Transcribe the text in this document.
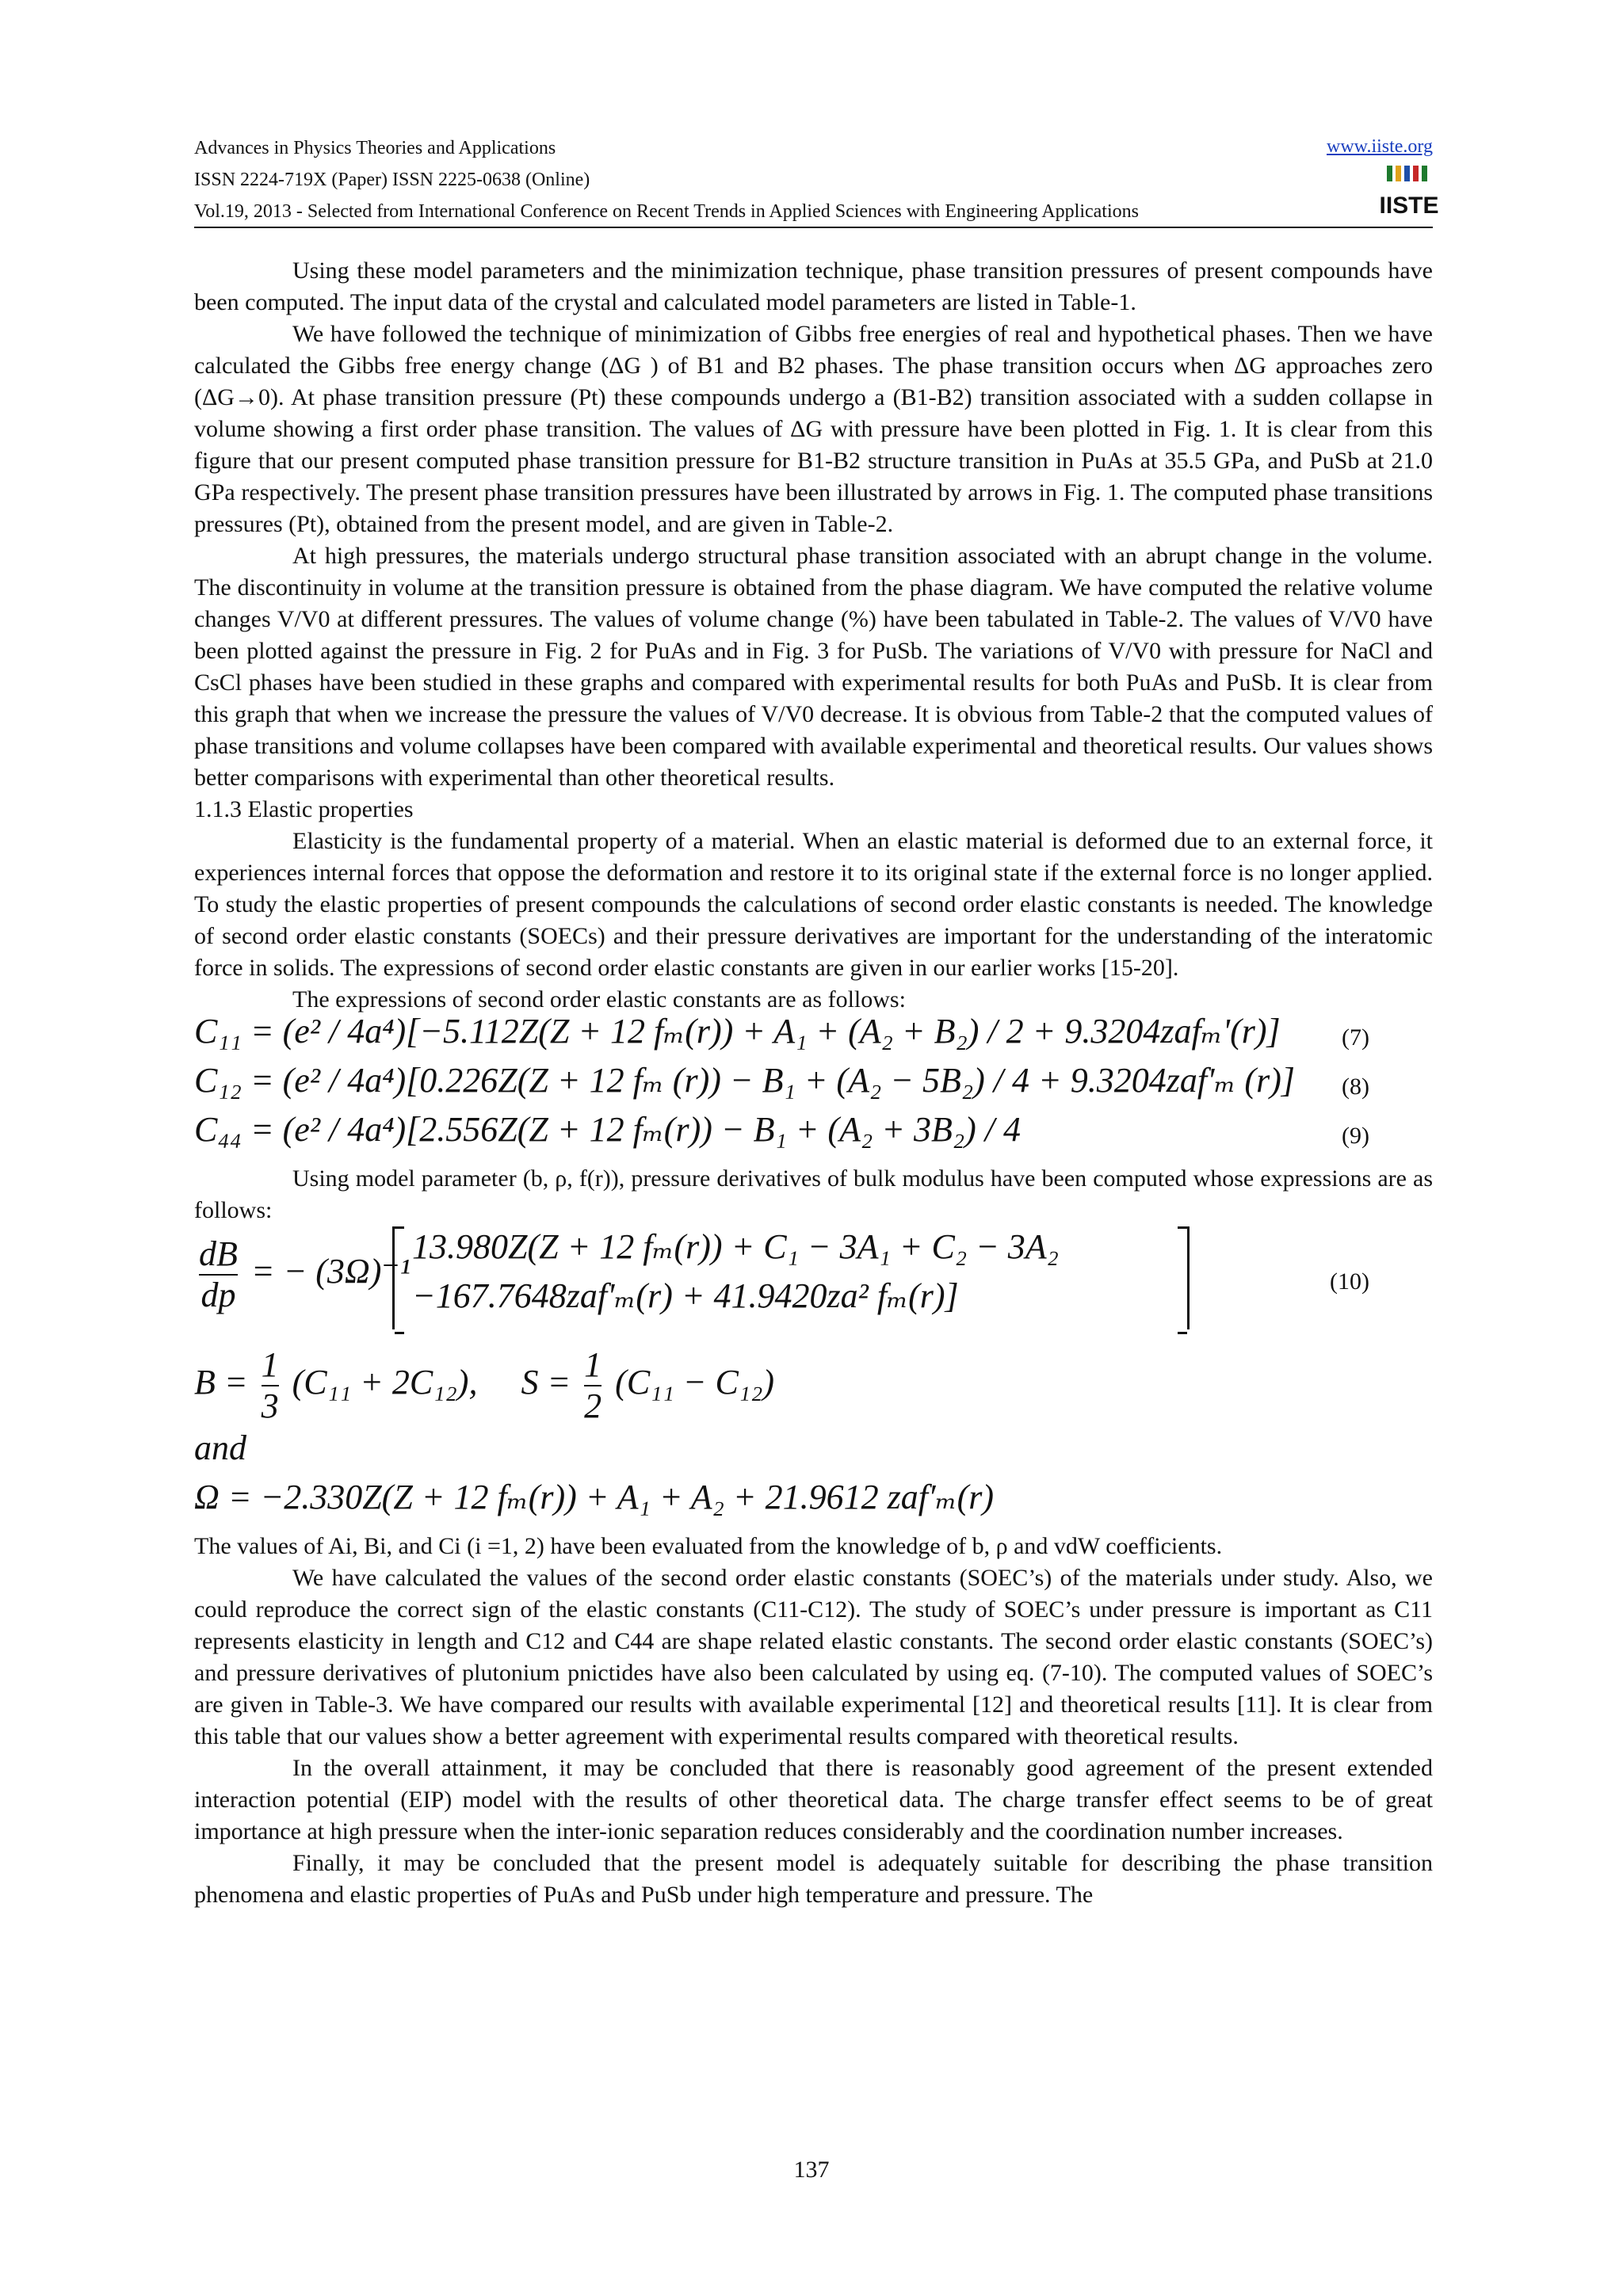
Advances in Physics Theories and Applications
ISSN 2224-719X (Paper) ISSN 2225-0638 (Online)
Vol.19, 2013 - Selected from International Conference on Recent Trends in Applied Sciences with Engineering Applications
www.iiste.org
IISTE

Using these model parameters and the minimization technique, phase transition pressures of present compounds have been computed. The input data of the crystal and calculated model parameters are listed in Table-1.

We have followed the technique of minimization of Gibbs free energies of real and hypothetical phases. Then we have calculated the Gibbs free energy change (ΔG ) of B1 and B2 phases. The phase transition occurs when ΔG approaches zero (ΔG→0). At phase transition pressure (Pt) these compounds undergo a (B1-B2) transition associated with a sudden collapse in volume showing a first order phase transition. The values of ΔG with pressure have been plotted in Fig. 1. It is clear from this figure that our present computed phase transition pressure for B1-B2 structure transition in PuAs at 35.5 GPa, and PuSb at 21.0 GPa respectively. The present phase transition pressures have been illustrated by arrows in Fig. 1. The computed phase transitions pressures (Pt), obtained from the present model, and are given in Table-2.

At high pressures, the materials undergo structural phase transition associated with an abrupt change in the volume. The discontinuity in volume at the transition pressure is obtained from the phase diagram. We have computed the relative volume changes V/V0 at different pressures. The values of volume change (%) have been tabulated in Table-2. The values of V/V0 have been plotted against the pressure in Fig. 2 for PuAs and in Fig. 3 for PuSb. The variations of V/V0 with pressure for NaCl and CsCl phases have been studied in these graphs and compared with experimental results for both PuAs and PuSb. It is clear from this graph that when we increase the pressure the values of V/V0 decrease. It is obvious from Table-2 that the computed values of phase transitions and volume collapses have been compared with available experimental and theoretical results. Our values shows better comparisons with experimental than other theoretical results.

1.1.3 Elastic properties

Elasticity is the fundamental property of a material. When an elastic material is deformed due to an external force, it experiences internal forces that oppose the deformation and restore it to its original state if the external force is no longer applied. To study the elastic properties of present compounds the calculations of second order elastic constants is needed. The knowledge of second order elastic constants (SOECs) and their pressure derivatives are important for the understanding of the interatomic force in solids. The expressions of second order elastic constants are given in our earlier works [15-20].

The expressions of second order elastic constants are as follows:

C₁₁ = (e² / 4a⁴)[−5.112Z(Z + 12 fₘ(r)) + A₁ + (A₂ + B₂) / 2 + 9.3204zafₘ'(r)]	(7)
C₁₂ = (e² / 4a⁴)[0.226Z(Z + 12 fₘ (r)) − B₁ + (A₂ − 5B₂) / 4 + 9.3204zaf'ₘ (r)] (8)
C₄₄ = (e² / 4a⁴)[2.556Z(Z + 12 fₘ(r)) − B₁ + (A₂ + 3B₂) / 4	(9)

Using model parameter (b, ρ, f(r)), pressure derivatives of bulk modulus have been computed whose expressions are as follows:

$\frac{dB}{dp}$ = − (3Ω)⁻¹
13.980Z(Z + 12 fₘ(r)) + C₁ − 3A₁ + C₂ − 3A₂
−167.7648zaf'ₘ(r) + 41.9420za² fₘ(r)]	(10)
$B = \frac{1}{3} (C_{11} + 2C_{12})$, $S = \frac{1}{2} (C_{11} - C_{12})$
and
Ω = −2.330Z(Z + 12 fₘ(r)) + A₁ + A₂ + 21.9612 zaf′ₘ(r)

The values of Ai, Bi, and Ci (i =1, 2) have been evaluated from the knowledge of b, ρ and vdW coefficients.

We have calculated the values of the second order elastic constants (SOEC’s) of the materials under study. Also, we could reproduce the correct sign of the elastic constants (C11-C12). The study of SOEC’s under pressure is important as C11 represents elasticity in length and C12 and C44 are shape related elastic constants. The second order elastic constants (SOEC’s) and pressure derivatives of plutonium pnictides have also been calculated by using eq. (7-10). The computed values of SOEC’s are given in Table-3. We have compared our results with available experimental [12] and theoretical results [11]. It is clear from this table that our values show a better agreement with experimental results compared with theoretical results.

In the overall attainment, it may be concluded that there is reasonably good agreement of the present extended interaction potential (EIP) model with the results of other theoretical data. The charge transfer effect seems to be of great importance at high pressure when the inter-ionic separation reduces considerably and the coordination number increases.

Finally, it may be concluded that the present model is adequately suitable for describing the phase transition phenomena and elastic properties of PuAs and PuSb under high temperature and pressure. The

137
